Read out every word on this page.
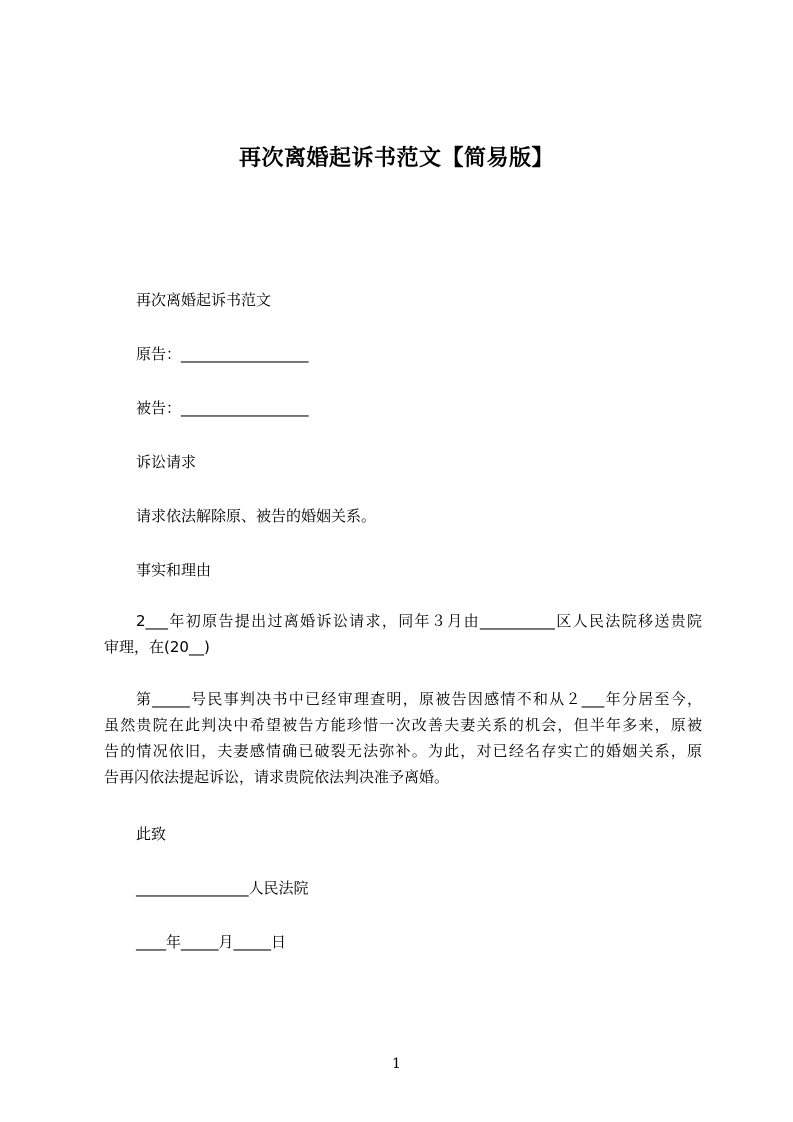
再次离婚起诉书范文【简易版】
再次离婚起诉书范文
原告：_________________
被告：_________________
诉讼请求
请求依法解除原、被告的婚姻关系。
事实和理由
2___年初原告提出过离婚诉讼请求，同年３月由__________区人民法院移送贵院
审理，在(20__)
第_____号民事判决书中已经审理查明，原被告因感情不和从２___年分居至今，
虽然贵院在此判决中希望被告方能珍惜一次改善夫妻关系的机会，但半年多来，原被
告的情况依旧，夫妻感情确已破裂无法弥补。为此，对已经名存实亡的婚姻关系，原
告再闪依法提起诉讼，请求贵院依法判决准予离婚。
此致
_______________人民法院
____年_____月_____日
1
